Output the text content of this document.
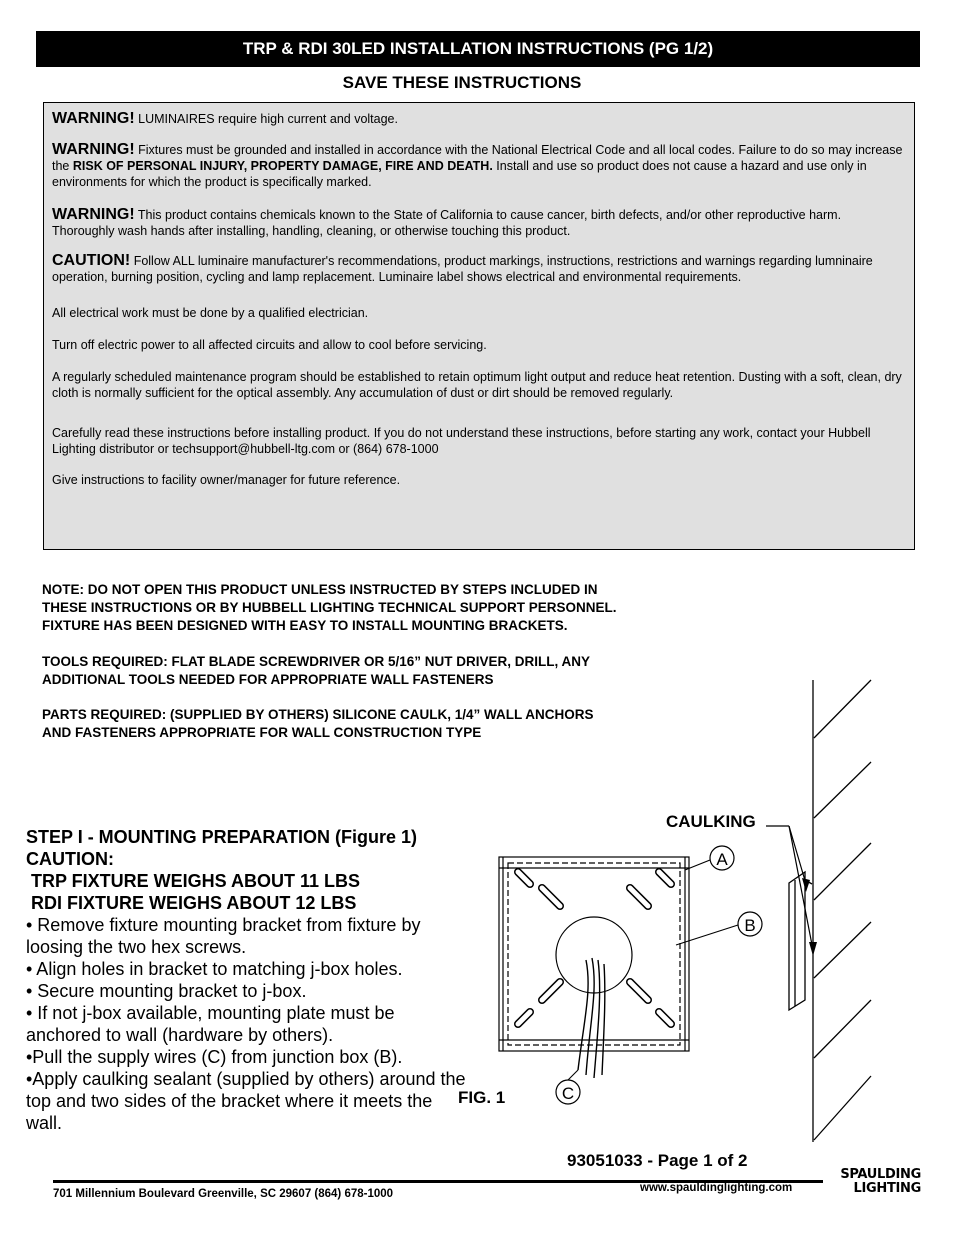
TRP & RDI 30LED INSTALLATION INSTRUCTIONS (PG 1/2)
SAVE THESE INSTRUCTIONS

WARNING! LUMINAIRES require high current and voltage.

WARNING! Fixtures must be grounded and installed in accordance with the National Electrical Code and all local codes. Failure to do so may increase the RISK OF PERSONAL INJURY, PROPERTY DAMAGE, FIRE AND DEATH. Install and use so product does not cause a hazard and use only in environments for which the product is specifically marked.

WARNING! This product contains chemicals known to the State of California to cause cancer, birth defects, and/or other reproductive harm. Thoroughly wash hands after installing, handling, cleaning, or otherwise touching this product.

CAUTION! Follow ALL luminaire manufacturer's recommendations, product markings, instructions, restrictions and warnings regarding lumninaire operation, burning position, cycling and lamp replacement. Luminaire label shows electrical and environmental requirements.

All electrical work must be done by a qualified electrician.

Turn off electric power to all affected circuits and allow to cool before servicing.

A regularly scheduled maintenance program should be established to retain optimum light output and reduce heat retention. Dusting with a soft, clean, dry cloth is normally sufficient for the optical assembly. Any accumulation of dust or dirt should be removed regularly.

Carefully read these instructions before installing product. If you do not understand these instructions, before starting any work, contact your Hubbell Lighting distributor or techsupport@hubbell-ltg.com or (864) 678-1000

Give instructions to facility owner/manager for future reference.

NOTE: DO NOT OPEN THIS PRODUCT UNLESS INSTRUCTED BY STEPS INCLUDED IN
THESE INSTRUCTIONS OR BY HUBBELL LIGHTING TECHNICAL SUPPORT PERSONNEL.
FIXTURE HAS BEEN DESIGNED WITH EASY TO INSTALL MOUNTING BRACKETS.
TOOLS REQUIRED: FLAT BLADE SCREWDRIVER OR 5/16” NUT DRIVER, DRILL, ANY
ADDITIONAL TOOLS NEEDED FOR APPROPRIATE WALL FASTENERS
PARTS REQUIRED: (SUPPLIED BY OTHERS) SILICONE CAULK, 1/4” WALL ANCHORS
AND FASTENERS APPROPRIATE FOR WALL CONSTRUCTION TYPE
STEP I - MOUNTING PREPARATION (Figure 1)
CAUTION:
TRP FIXTURE WEIGHS ABOUT 11 LBS
RDI FIXTURE WEIGHS ABOUT 12 LBS
• Remove fixture mounting bracket from fixture by loosing the two hex screws.
• Align holes in bracket to matching j-box holes.
• Secure mounting bracket to j-box.
• If not j-box available, mounting plate must be anchored to wall (hardware by others).
•Pull the supply wires (C) from junction box (B).
•Apply caulking sealant (supplied by others) around the top and two sides of the bracket where it meets the wall.
A
B
C
CAULKING
FIG. 1
93051033 - Page 1 of 2
701 Millennium Boulevard Greenville, SC 29607 (864) 678-1000	www.spauldinglighting.com
SPAULDING
LIGHTING
